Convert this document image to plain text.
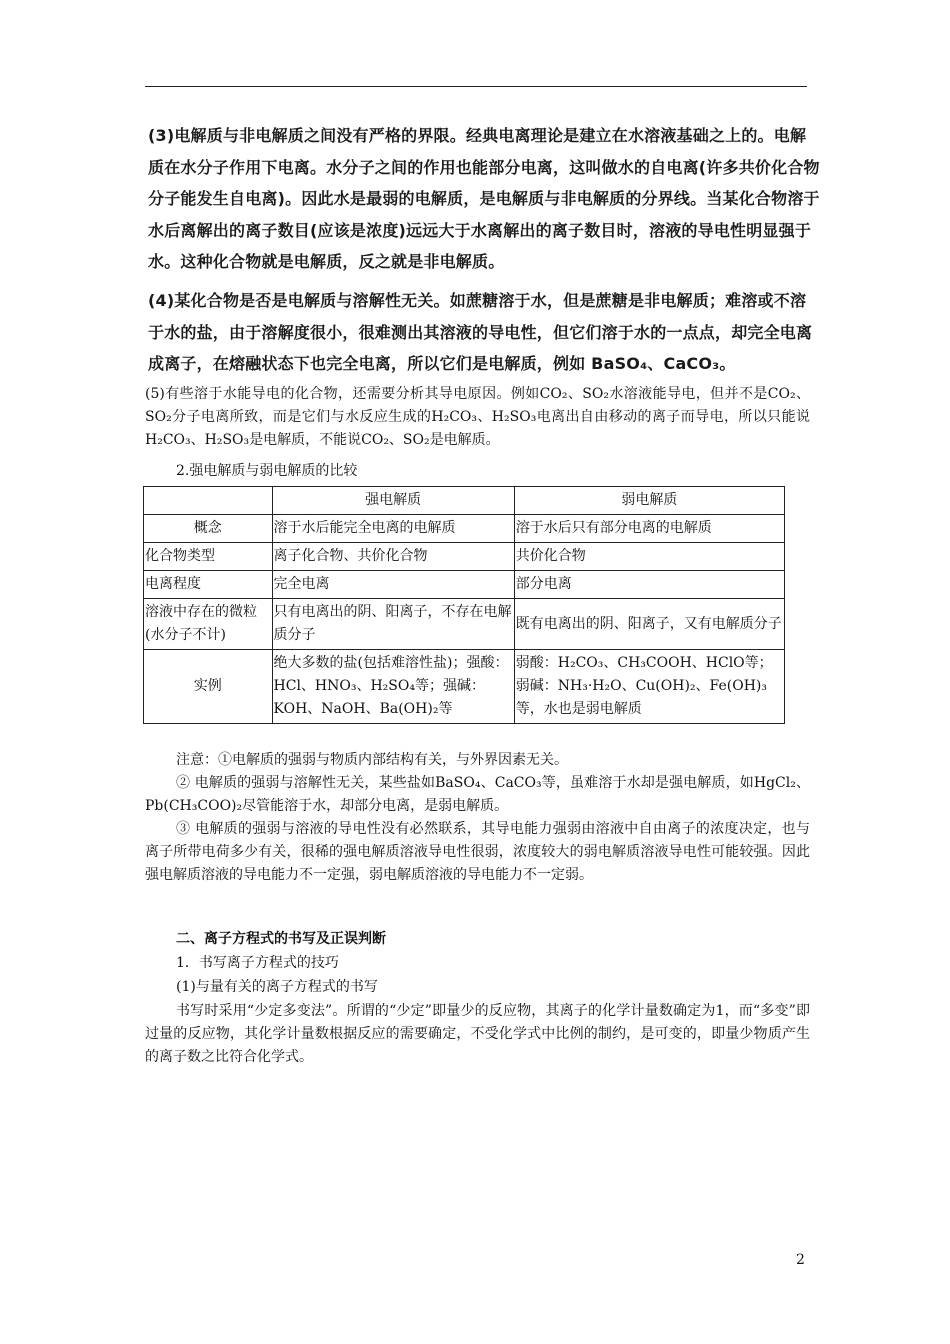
(3)电解质与非电解质之间没有严格的界限。经典电离理论是建立在水溶液基础之上的。电解质在水分子作用下电离。水分子之间的作用也能部分电离，这叫做水的自电离(许多共价化合物分子能发生自电离)。因此水是最弱的电解质，是电解质与非电解质的分界线。当某化合物溶于水后离解出的离子数目(应该是浓度)远远大于水离解出的离子数目时，溶液的导电性明显强于水。这种化合物就是电解质，反之就是非电解质。
(4)某化合物是否是电解质与溶解性无关。如蔗糖溶于水，但是蔗糖是非电解质；难溶或不溶于水的盐，由于溶解度很小，很难测出其溶液的导电性，但它们溶于水的一点点，却完全电离成离子，在熔融状态下也完全电离，所以它们是电解质，例如 BaSO₄、CaCO₃。
(5)有些溶于水能导电的化合物，还需要分析其导电原因。例如CO₂、SO₂水溶液能导电，但并不是CO₂、SO₂分子电离所致，而是它们与水反应生成的H₂CO₃、H₂SO₃电离出自由移动的离子而导电，所以只能说H₂CO₃、H₂SO₃是电解质，不能说CO₂、SO₂是电解质。
2.强电解质与弱电解质的比较
	强电解质	弱电解质
概念	溶于水后能完全电离的电解质	溶于水后只有部分电离的电解质
化合物类型	离子化合物、共价化合物	共价化合物
电离程度	完全电离	部分电离
溶液中存在的微粒(水分子不计)	只有电离出的阴、阳离子，不存在电解质分子	既有电离出的阴、阳离子，又有电解质分子
实例	绝大多数的盐(包括难溶性盐)；强酸：HCl、HNO₃、H₂SO₄等；强碱：KOH、NaOH、Ba(OH)₂等	弱酸：H₂CO₃、CH₃COOH、HClO等；弱碱：NH₃·H₂O、Cu(OH)₂、Fe(OH)₃等，水也是弱电解质
注意：①电解质的强弱与物质内部结构有关，与外界因素无关。
② 电解质的强弱与溶解性无关，某些盐如BaSO₄、CaCO₃等，虽难溶于水却是强电解质，如HgCl₂、Pb(CH₃COO)₂尽管能溶于水，却部分电离，是弱电解质。
③ 电解质的强弱与溶液的导电性没有必然联系，其导电能力强弱由溶液中自由离子的浓度决定，也与离子所带电荷多少有关，很稀的强电解质溶液导电性很弱，浓度较大的弱电解质溶液导电性可能较强。因此强电解质溶液的导电能力不一定强，弱电解质溶液的导电能力不一定弱。
二、离子方程式的书写及正误判断
1．书写离子方程式的技巧
(1)与量有关的离子方程式的书写
书写时采用“少定多变法”。所谓的“少定”即量少的反应物，其离子的化学计量数确定为1，而“多变”即过量的反应物，其化学计量数根据反应的需要确定，不受化学式中比例的制约，是可变的，即量少物质产生的离子数之比符合化学式。
2
